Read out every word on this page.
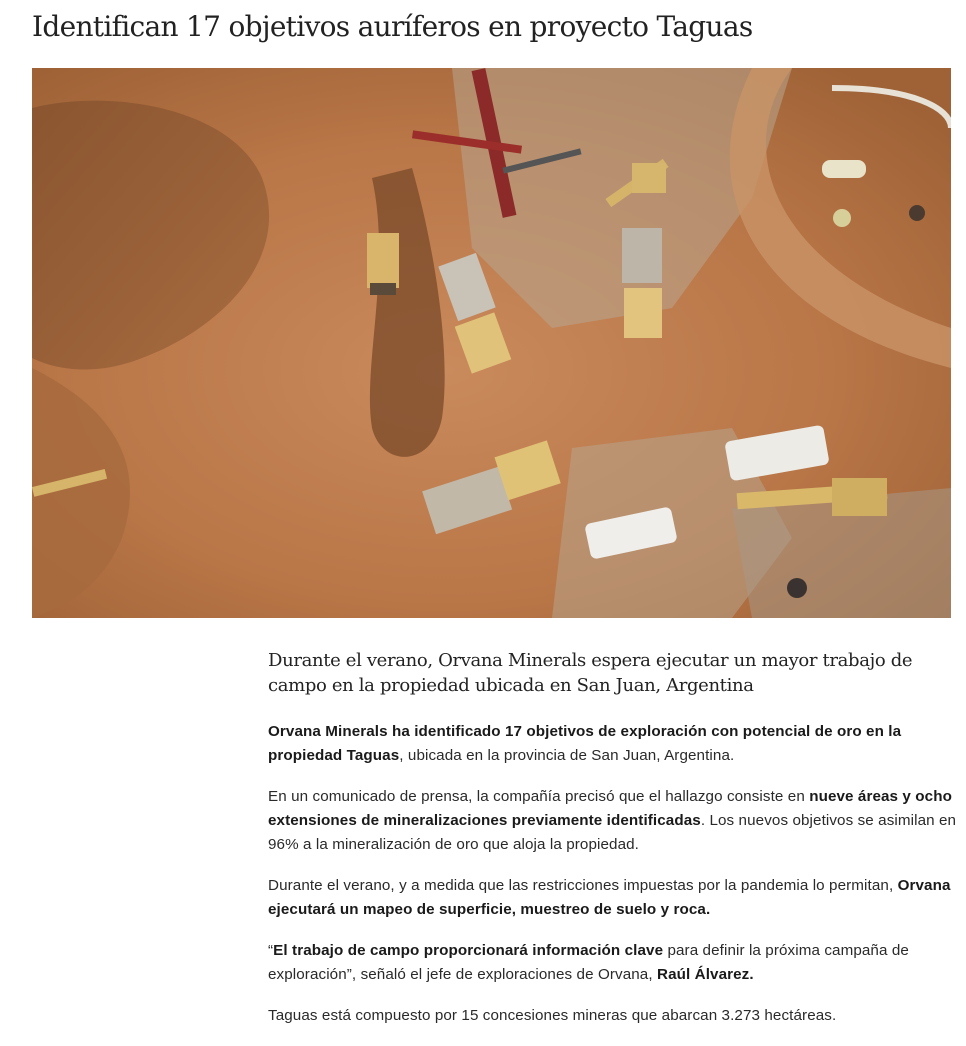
Identifican 17 objetivos auríferos en proyecto Taguas
Durante el verano, Orvana Minerals espera ejecutar un mayor trabajo de campo en la propiedad ubicada en San Juan, Argentina

Orvana Minerals ha identificado 17 objetivos de exploración con potencial de oro en la propiedad Taguas, ubicada en la provincia de San Juan, Argentina.

En un comunicado de prensa, la compañía precisó que el hallazgo consiste en nueve áreas y ocho extensiones de mineralizaciones previamente identificadas. Los nuevos objetivos se asimilan en 96% a la mineralización de oro que aloja la propiedad.

Durante el verano, y a medida que las restricciones impuestas por la pandemia lo permitan, Orvana ejecutará un mapeo de superficie, muestreo de suelo y roca.

“El trabajo de campo proporcionará información clave para definir la próxima campaña de exploración”, señaló el jefe de exploraciones de Orvana, Raúl Álvarez.

Taguas está compuesto por 15 concesiones mineras que abarcan 3.273 hectáreas.
